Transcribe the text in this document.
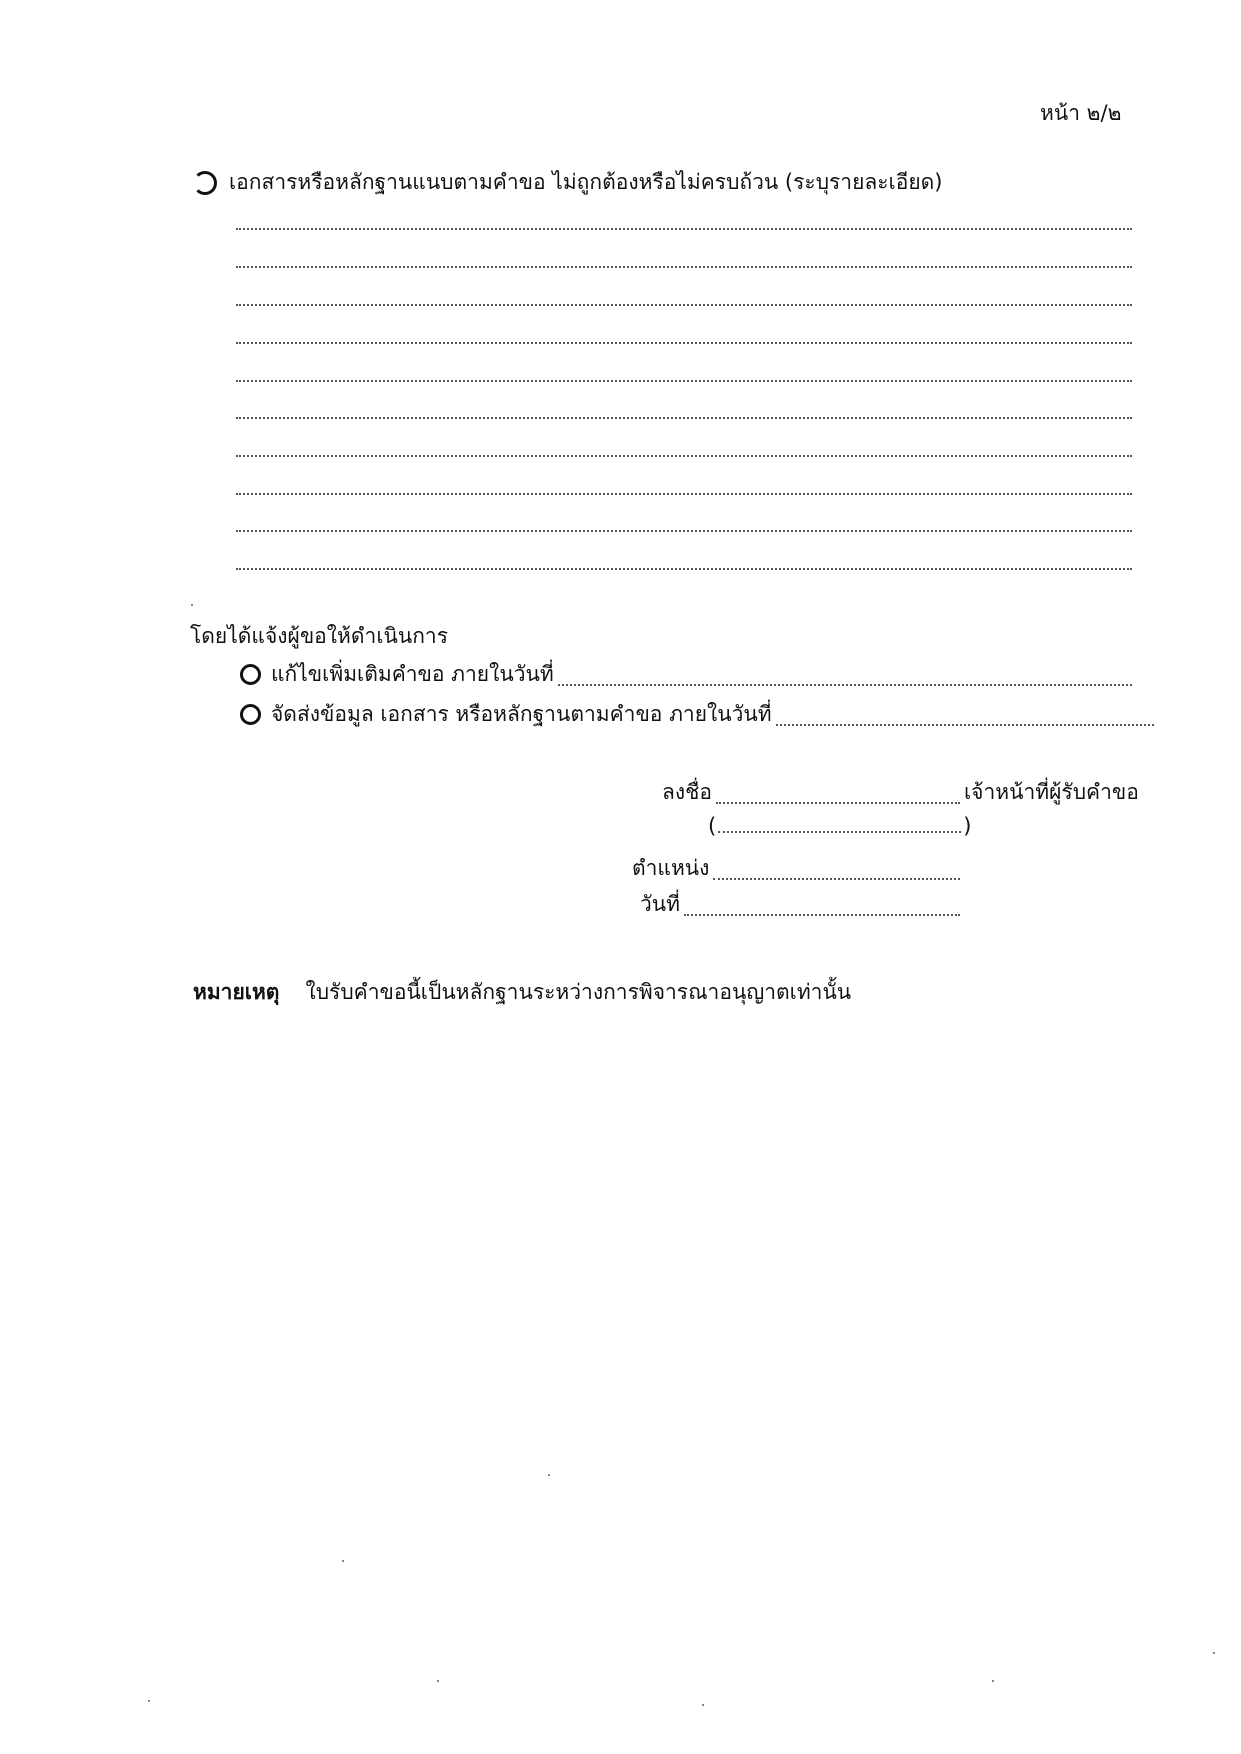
หน้า ๒/๒
เอกสารหรือหลักฐานแนบตามคำขอ ไม่ถูกต้องหรือไม่ครบถ้วน (ระบุรายละเอียด)
โดยได้แจ้งผู้ขอให้ดำเนินการ
แก้ไขเพิ่มเติมคำขอ ภายในวันที่
จัดส่งข้อมูล เอกสาร หรือหลักฐานตามคำขอ ภายในวันที่
ลงชื่อ	เจ้าหน้าที่ผู้รับคำขอ
(	)
ตำแหน่ง
วันที่
หมายเหตุ ใบรับคำขอนี้เป็นหลักฐานระหว่างการพิจารณาอนุญาตเท่านั้น
